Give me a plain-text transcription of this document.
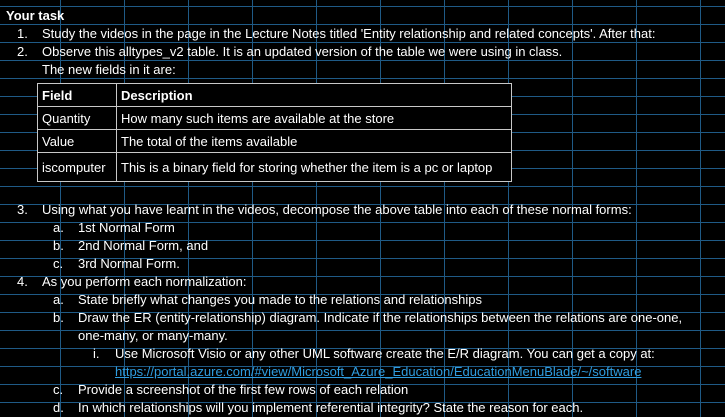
Your task
1. Study the videos in the page in the Lecture Notes titled 'Entity relationship and related concepts'. After that:
2. Observe this alltypes_v2 table. It is an updated version of the table we were using in class.
The new fields in it are:
Field	Description
Quantity	How many such items are available at the store
Value	The total of the items available
iscomputer	This is a binary field for storing whether the item is a pc or laptop
3. Using what you have learnt in the videos, decompose the above table into each of these normal forms:
a. 1st Normal Form
b. 2nd Normal Form, and
c. 3rd Normal Form.
4. As you perform each normalization:
a. State briefly what changes you made to the relations and relationships
b. Draw the ER (entity-relationship) diagram. Indicate if the relationships between the relations are one-one,
one-many, or many-many.
i. Use Microsoft Visio or any other UML software create the E/R diagram. You can get a copy at:
https://portal.azure.com/#view/Microsoft_Azure_Education/EducationMenuBlade/~/software
c. Provide a screenshot of the first few rows of each relation
d. In which relationships will you implement referential integrity? State the reason for each.
